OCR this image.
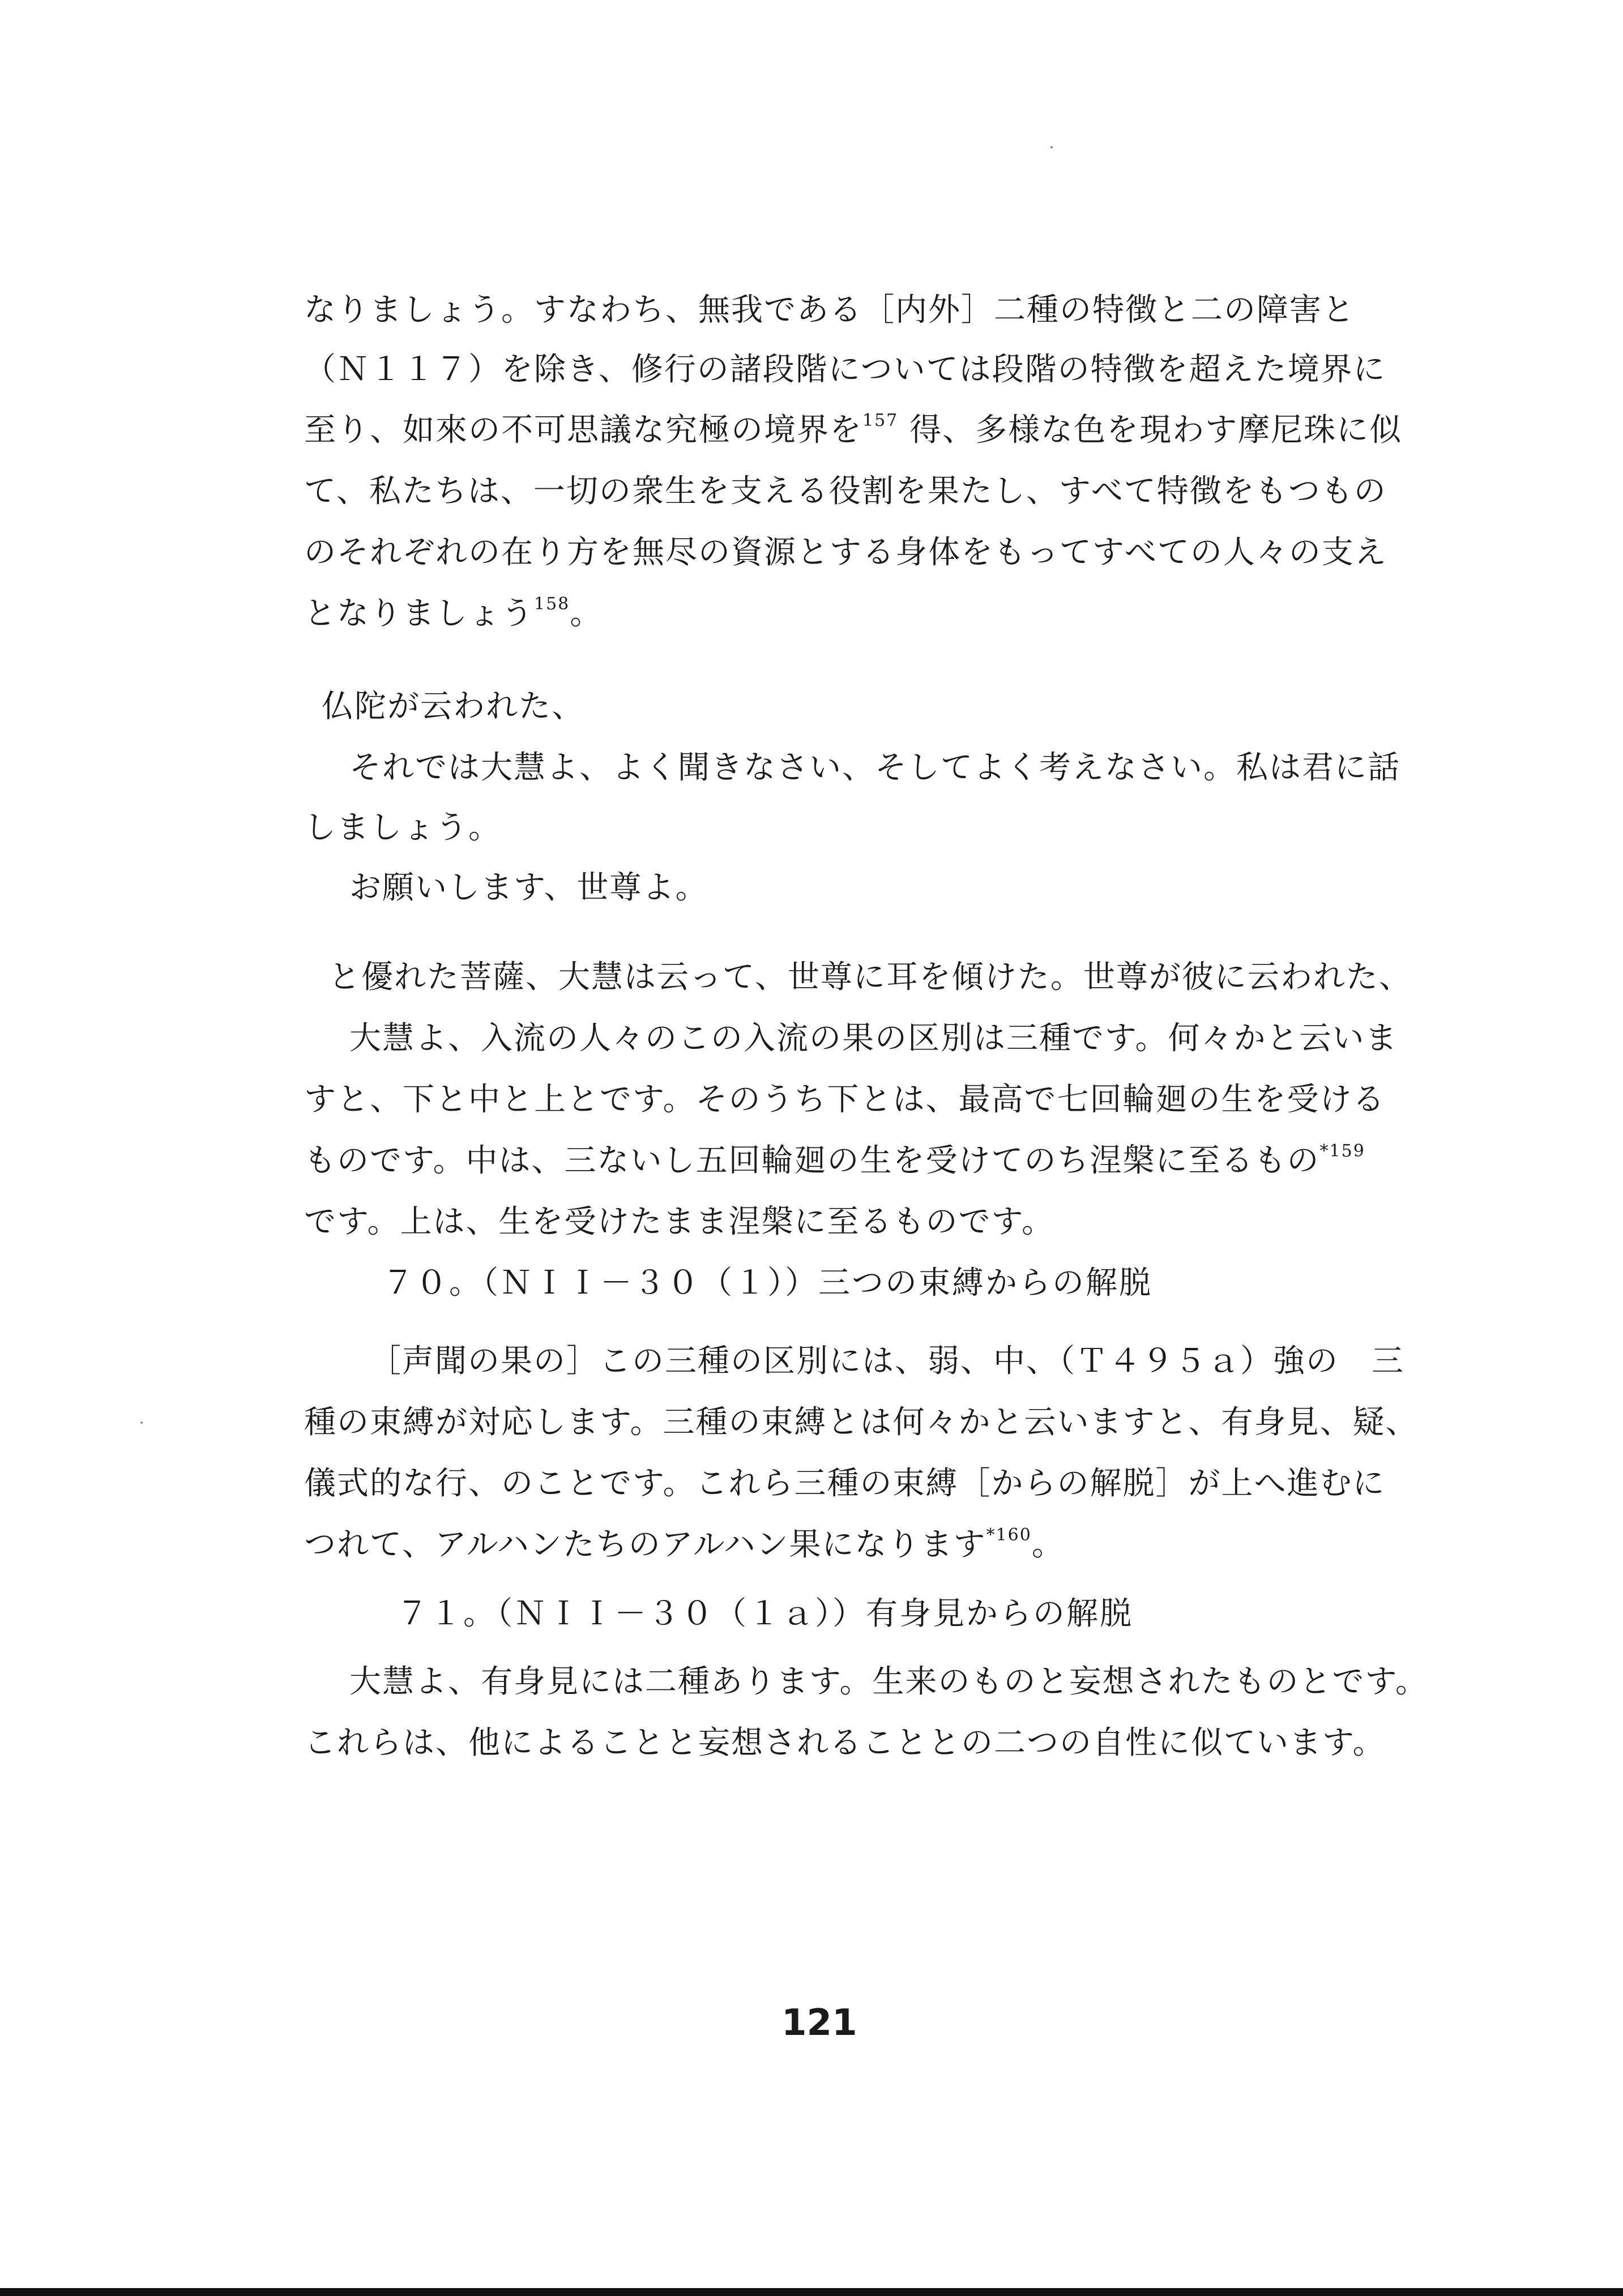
なりましょう。すなわち、無我である［内外］二種の特徴と二の障害と
（Ｎ１１７）を除き、修行の諸段階については段階の特徴を超えた境界に
至り、如來の不可思議な究極の境界を$^{157}$ 得、多様な色を現わす摩尼珠に似
て、私たちは、一切の衆生を支える役割を果たし、すべて特徴をもつもの
のそれぞれの在り方を無尽の資源とする身体をもってすべての人々の支え
となりましょう$^{158}$。
仏陀が云われた、
それでは大慧よ、よく聞きなさい、そしてよく考えなさい。私は君に話
しましょう。
お願いします、世尊よ。
と優れた菩薩、大慧は云って、世尊に耳を傾けた。世尊が彼に云われた、
大慧よ、入流の人々のこの入流の果の区別は三種です。何々かと云いま
すと、下と中と上とです。そのうち下とは、最高で七回輪廻の生を受ける
ものです。中は、三ないし五回輪廻の生を受けてのち涅槃に至るもの$^{*159}$
です。上は、生を受けたまま涅槃に至るものです。
７０。（ＮＩＩ－３０（１））三つの束縛からの解脱
［声聞の果の］この三種の区別には、弱、中、（Ｔ４９５ａ）強の　三
種の束縛が対応します。三種の束縛とは何々かと云いますと、有身見、疑、
儀式的な行、のことです。これら三種の束縛［からの解脱］が上へ進むに
つれて、アルハンたちのアルハン果になります$^{*160}$。
７１。（ＮＩＩ－３０（１ａ））有身見からの解脱
大慧よ、有身見には二種あります。生来のものと妄想されたものとです。
これらは、他によることと妄想されることとの二つの自性に似ています。
121
